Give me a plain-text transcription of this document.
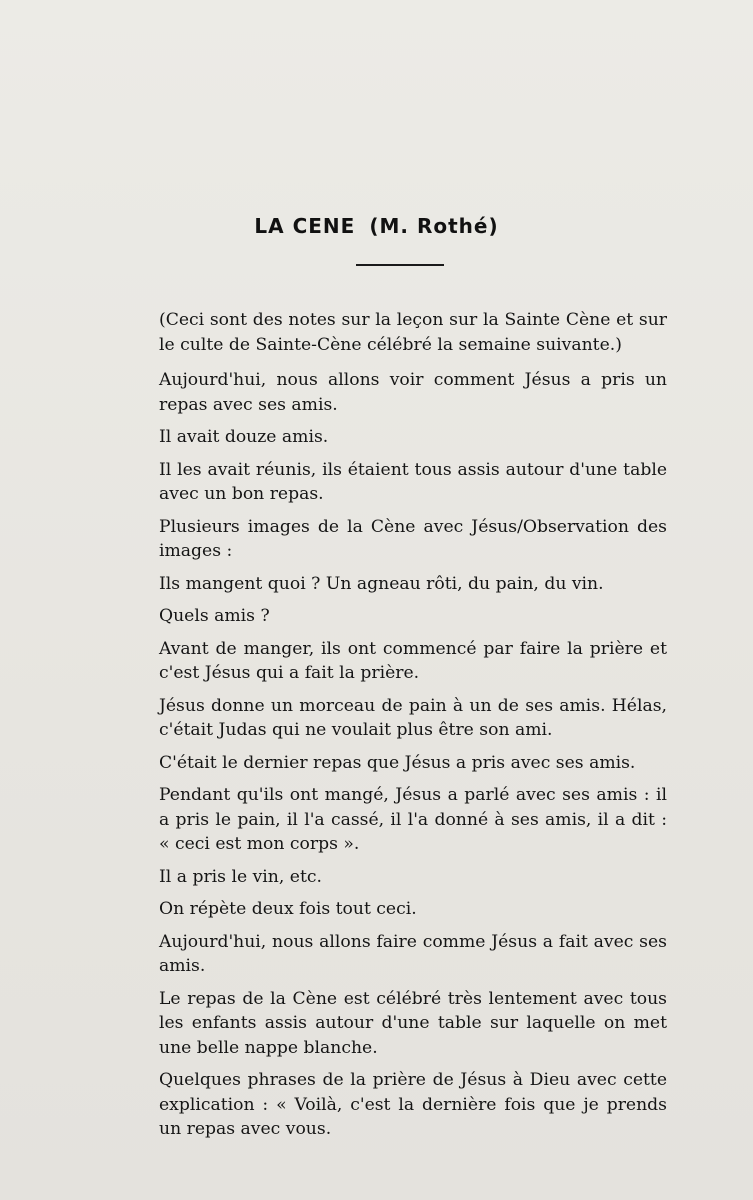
LA CENE (M. Rothé)

(Ceci sont des notes sur la leçon sur la Sainte Cène et sur le culte de Sainte-Cène célébré la semaine suivante.)

Aujourd'hui, nous allons voir comment Jésus a pris un repas avec ses amis.

Il avait douze amis.

Il les avait réunis, ils étaient tous assis autour d'une table avec un bon repas.

Plusieurs images de la Cène avec Jésus/Observation des images :

Ils mangent quoi ? Un agneau rôti, du pain, du vin.

Quels amis ?

Avant de manger, ils ont commencé par faire la prière et c'est Jésus qui a fait la prière.

Jésus donne un morceau de pain à un de ses amis. Hélas, c'était Judas qui ne voulait plus être son ami.

C'était le dernier repas que Jésus a pris avec ses amis.

Pendant qu'ils ont mangé, Jésus a parlé avec ses amis : il a pris le pain, il l'a cassé, il l'a donné à ses amis, il a dit : « ceci est mon corps ».

Il a pris le vin, etc.

On répète deux fois tout ceci.

Aujourd'hui, nous allons faire comme Jésus a fait avec ses amis.

Le repas de la Cène est célébré très lentement avec tous les enfants assis autour d'une table sur laquelle on met une belle nappe blanche.

Quelques phrases de la prière de Jésus à Dieu avec cette explication : « Voilà, c'est la dernière fois que je prends un repas avec vous.
